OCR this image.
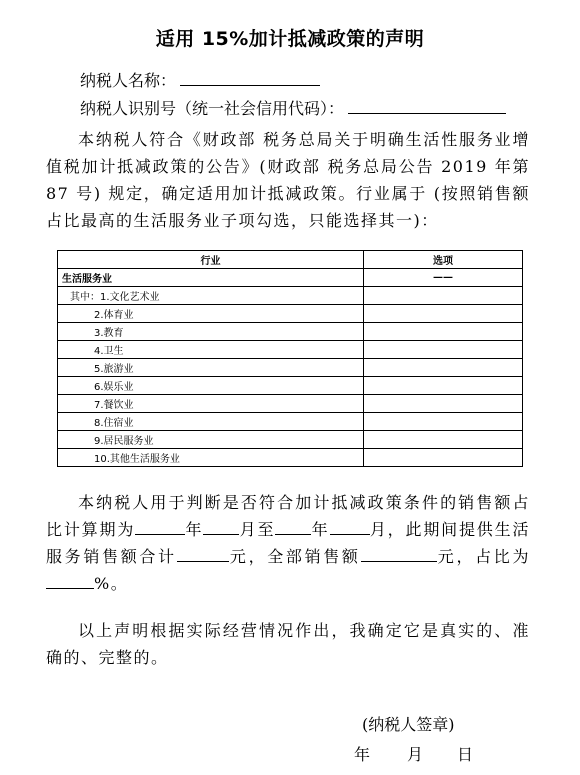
适用 15%加计抵减政策的声明
纳税人名称：
纳税人识别号（统一社会信用代码）：
本纳税人符合《财政部 税务总局关于明确生活性服务业增值税加计抵减政策的公告》(财政部 税务总局公告 2019 年第 87 号) 规定，确定适用加计抵减政策。行业属于 (按照销售额占比最高的生活服务业子项勾选，只能选择其一)：
行业	选项
生活服务业	——
其中：1.文化艺术业	
2.体育业	
3.教育	
4.卫生	
5.旅游业	
6.娱乐业	
7.餐饮业	
8.住宿业	
9.居民服务业	
10.其他生活服务业	
本纳税人用于判断是否符合加计抵减政策条件的销售额占比计算期为	年 月至 年	月，此期间提供生活服务销售额合计	元，全部销售额	元，占比为%。
以上声明根据实际经营情况作出，我确定它是真实的、准确的、完整的。
(纳税人签章)
年 月 日
